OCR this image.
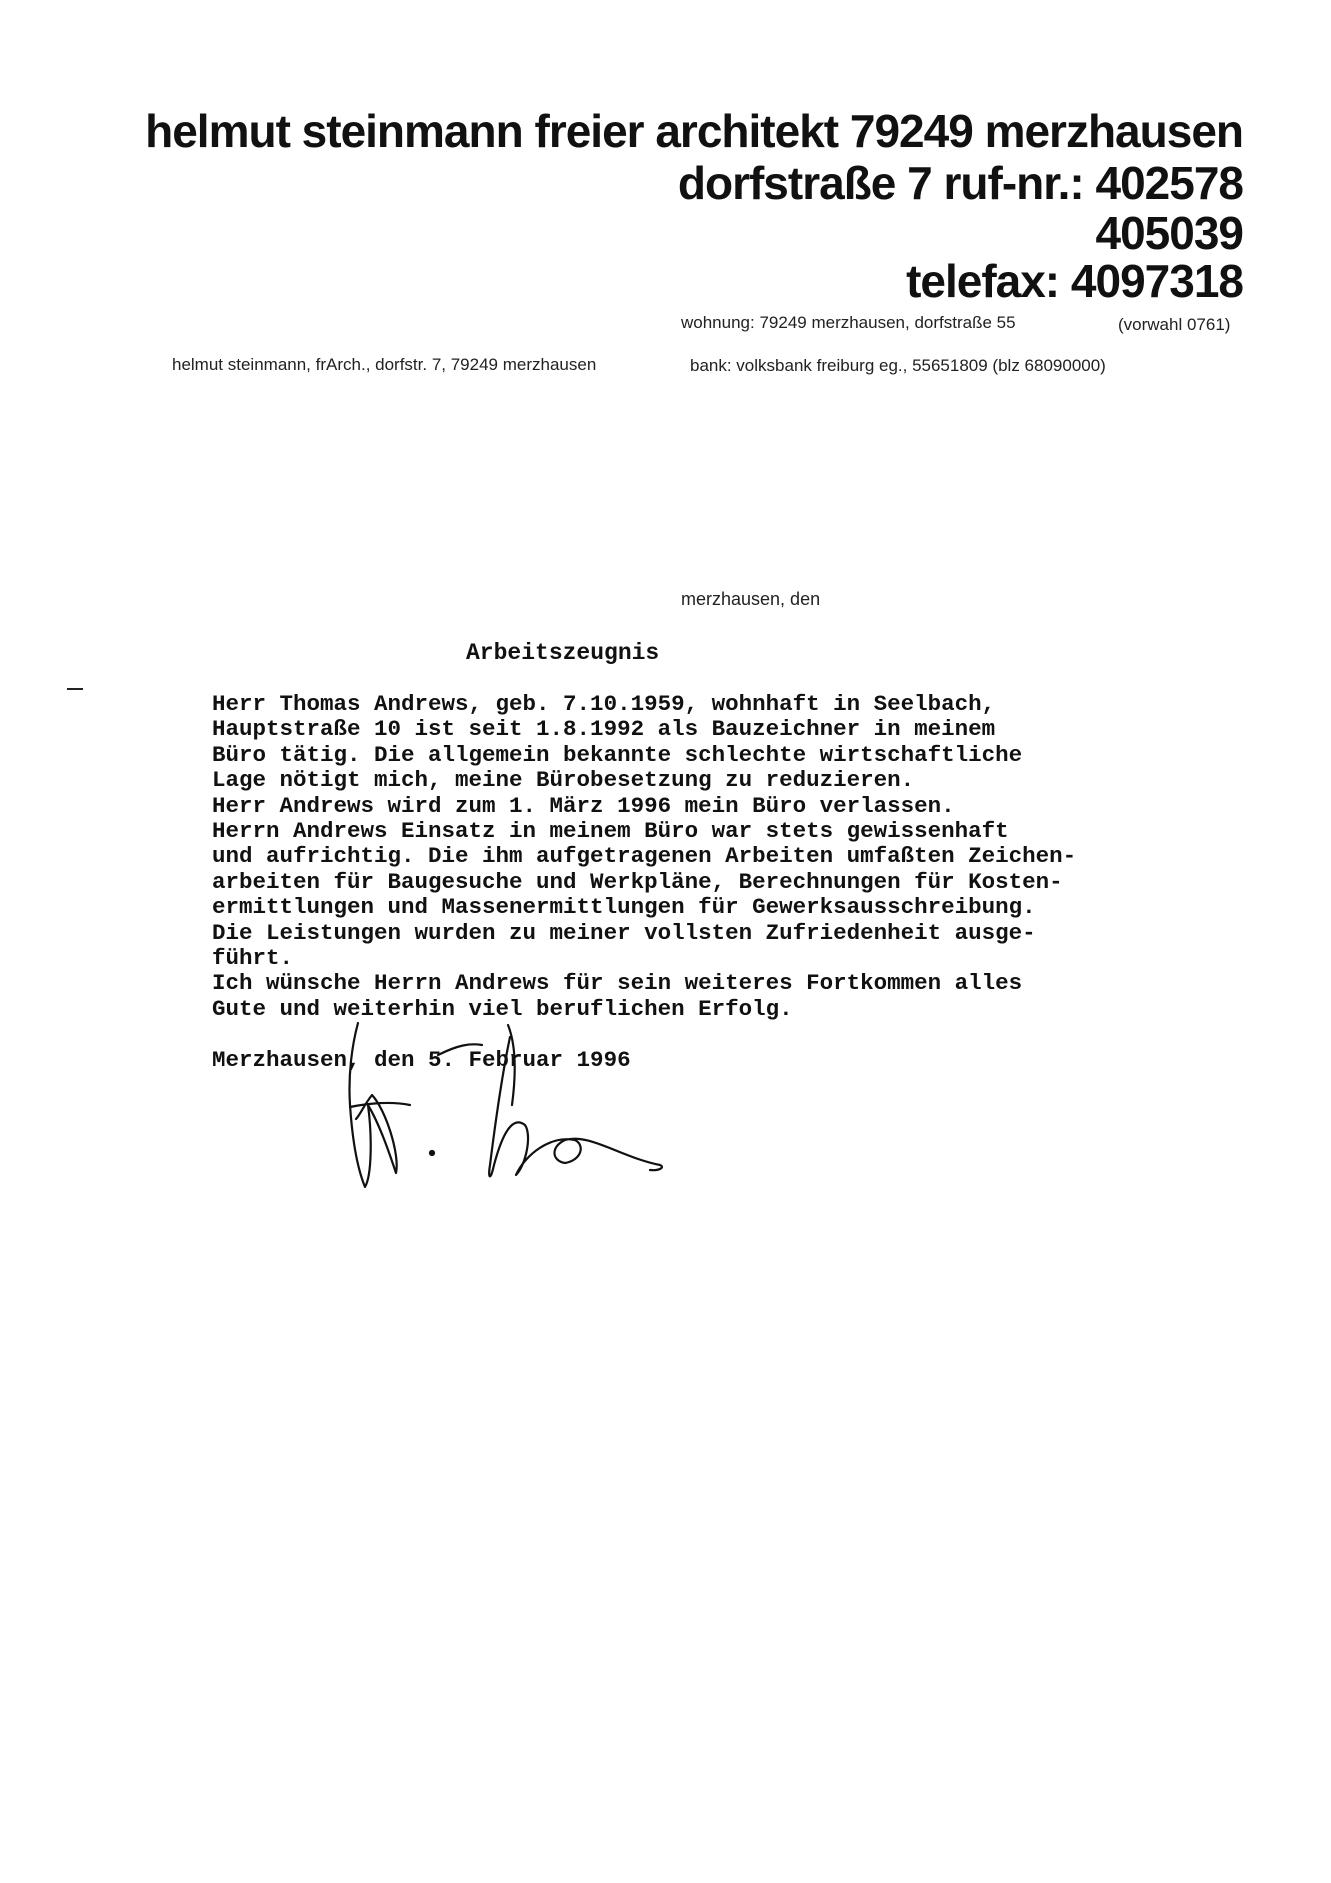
helmut steinmann freier architekt 79249 merzhausen
dorfstraße 7 ruf-nr.: 402578
405039
telefax: 4097318
wohnung: 79249 merzhausen, dorfstraße 55	(vorwahl 0761)
helmut steinmann, frArch., dorfstr. 7, 79249 merzhausen	bank: volksbank freiburg eg., 55651809 (blz 68090000)
merzhausen, den
Arbeitszeugnis
Herr Thomas Andrews, geb. 7.10.1959, wohnhaft in Seelbach,
Hauptstraße 10 ist seit 1.8.1992 als Bauzeichner in meinem
Büro tätig. Die allgemein bekannte schlechte wirtschaftliche
Lage nötigt mich, meine Bürobesetzung zu reduzieren.
Herr Andrews wird zum 1. März 1996 mein Büro verlassen.
Herrn Andrews Einsatz in meinem Büro war stets gewissenhaft
und aufrichtig. Die ihm aufgetragenen Arbeiten umfaßten Zeichen-
arbeiten für Baugesuche und Werkpläne, Berechnungen für Kosten-
ermittlungen und Massenermittlungen für Gewerksausschreibung.
Die Leistungen wurden zu meiner vollsten Zufriedenheit ausge-
führt.
Ich wünsche Herrn Andrews für sein weiteres Fortkommen alles
Gute und weiterhin viel beruflichen Erfolg.
Merzhausen, den 5. Februar 1996
